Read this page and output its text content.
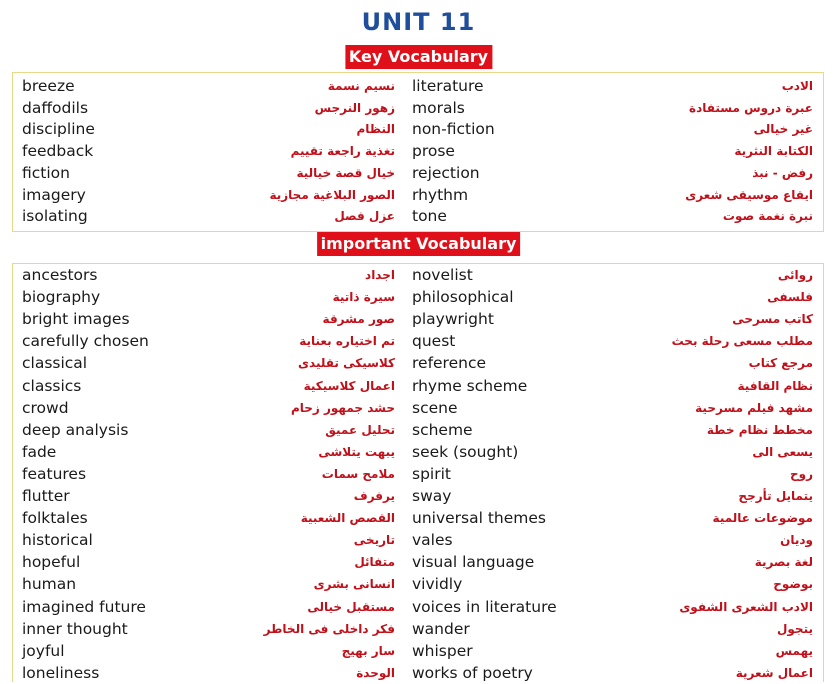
UNIT 11
Key Vocabulary
breeze	نسيم نسمة literature	الادب
daffodils	زهور النرجس morals	عبرة دروس مستفادة
discipline	النظام non-fiction	غير خيالى
feedback	تغذية راجعة تقييم prose	الكتابة النثرية
fiction	خيال قصة خيالية rejection	رفض - نبذ
imagery	الصور البلاغية مجازية rhythm	ايقاع موسيقى شعرى
isolating	عزل فصل tone	نبرة نغمة صوت
important Vocabulary
ancestors	اجداد novelist	روائى
biography	سيرة ذاتية philosophical	فلسفى
bright images	صور مشرقة playwright	كاتب مسرحى
carefully chosen	تم اختياره بعناية quest	مطلب مسعى رحلة بحث
classical	كلاسيكى تقليدى reference	مرجع كتاب
classics	اعمال كلاسيكية rhyme scheme	نظام القافية
crowd	حشد جمهور زحام scene	مشهد فيلم مسرحية
deep analysis	تحليل عميق scheme	مخطط نظام خطة
fade	يبهت يتلاشى seek (sought)	يسعى الى
features	ملامح سمات spirit	روح
flutter	يرفرف sway	يتمايل تأرجح
folktales	القصص الشعبية universal themes	موضوعات عالمية
historical	تاريخى vales	وديان
hopeful	متفائل visual language	لغة بصرية
human	انسانى بشرى vividly	بوضوح
imagined future	مستقبل خيالى voices in literature	الادب الشعرى الشفوى
inner thought	فكر داخلى فى الخاطر wander	يتجول
joyful	سار بهيج whisper	يهمس
loneliness	الوحدة works of poetry	اعمال شعرية
